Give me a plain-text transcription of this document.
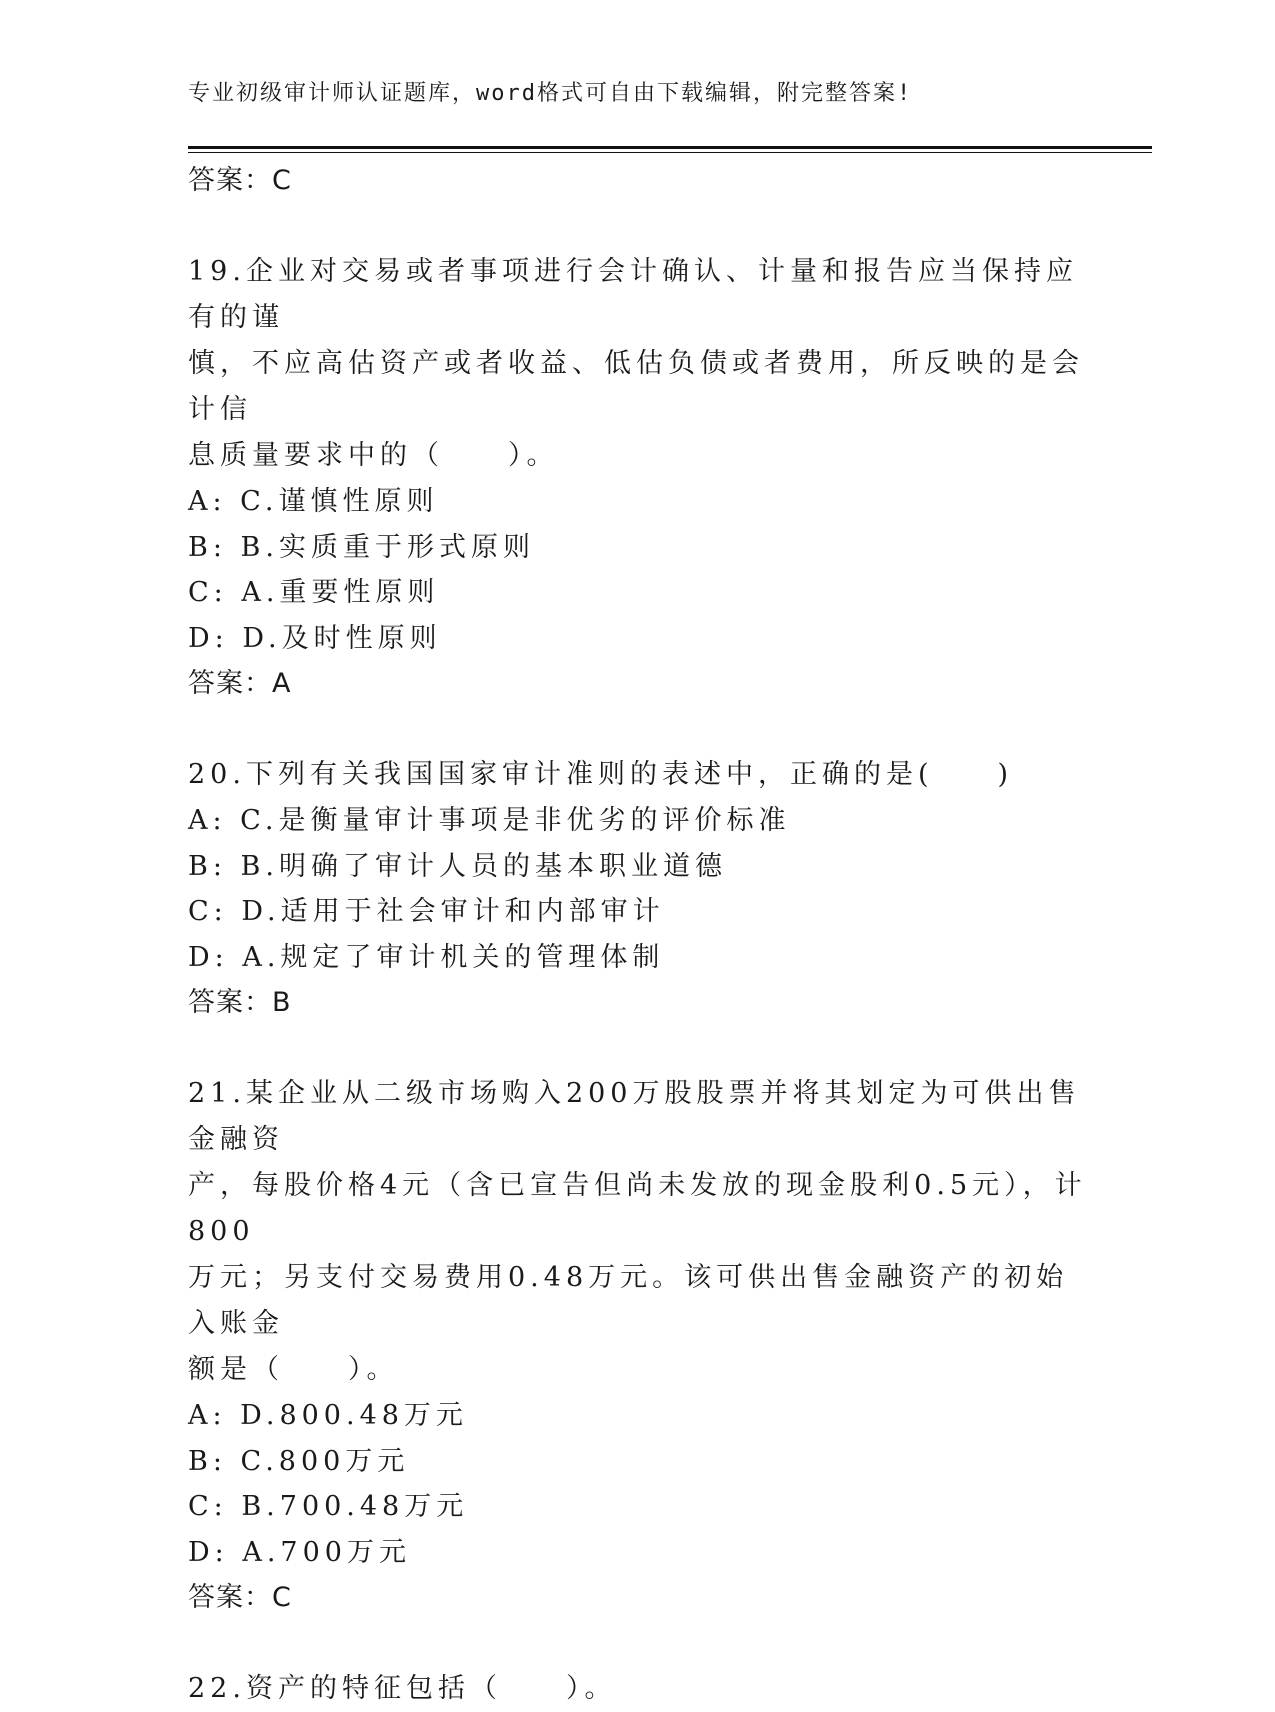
专业初级审计师认证题库，word格式可自由下载编辑，附完整答案!
答案：C

19.企业对交易或者事项进行会计确认、计量和报告应当保持应有的谨

慎，不应高估资产或者收益、低估负债或者费用，所反映的是会计信

息质量要求中的（　　）。

A: C.谨慎性原则

B: B.实质重于形式原则

C: A.重要性原则

D: D.及时性原则

答案：A

20.下列有关我国国家审计准则的表述中，正确的是(　　)

A: C.是衡量审计事项是非优劣的评价标准

B: B.明确了审计人员的基本职业道德

C: D.适用于社会审计和内部审计

D: A.规定了审计机关的管理体制

答案：B

21.某企业从二级市场购入200万股股票并将其划定为可供出售金融资

产，每股价格4元（含已宣告但尚未发放的现金股利0.5元），计800

万元；另支付交易费用0.48万元。该可供出售金融资产的初始入账金

额是（　　）。

A: D.800.48万元

B: C.800万元

C: B.700.48万元

D: A.700万元

答案：C

22.资产的特征包括（　　）。
